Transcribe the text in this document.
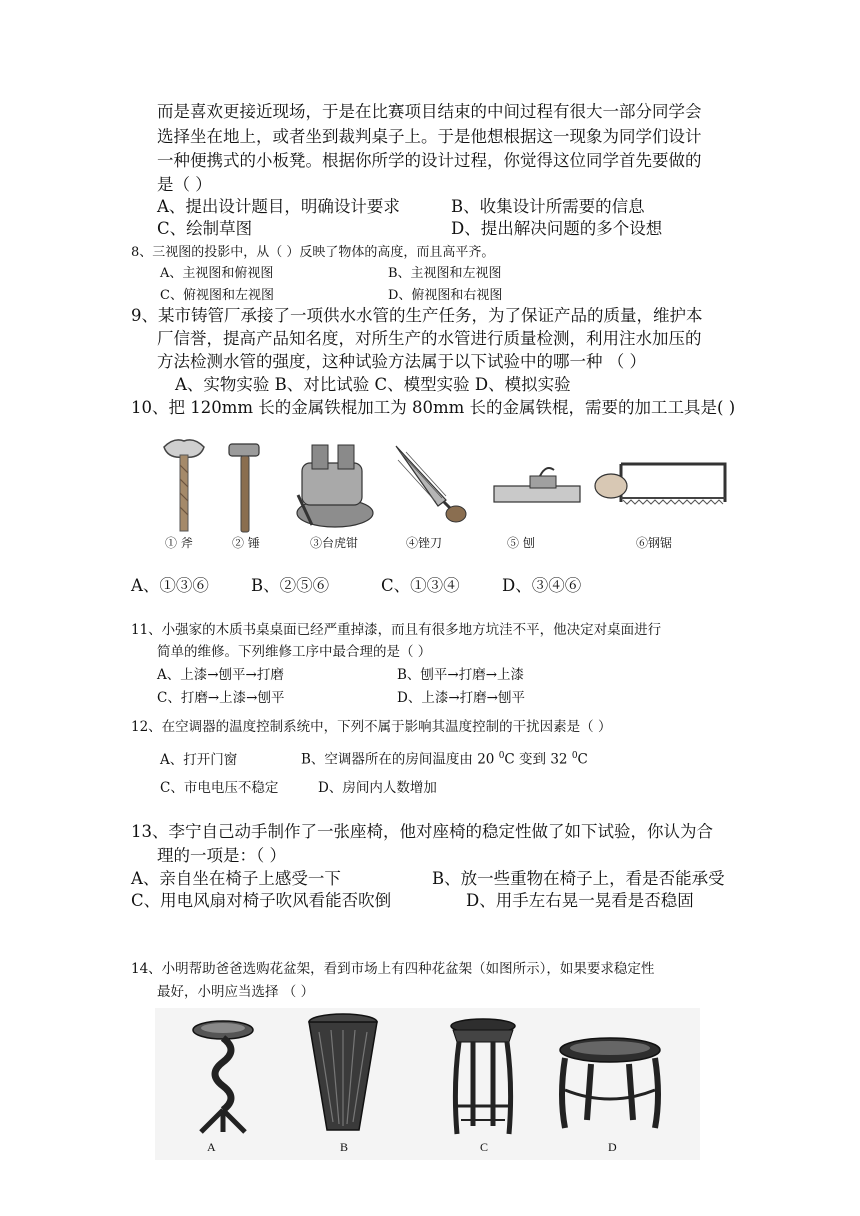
而是喜欢更接近现场，于是在比赛项目结束的中间过程有很大一部分同学会
选择坐在地上，或者坐到裁判桌子上。于是他想根据这一现象为同学们设计
一种便携式的小板凳。根据你所学的设计过程，你觉得这位同学首先要做的
是（ ）
A、提出设计题目，明确设计要求	B、收集设计所需要的信息
C、绘制草图	D、提出解决问题的多个设想
8、三视图的投影中，从（ ）反映了物体的高度，而且高平齐。
A、主视图和俯视图	B、主视图和左视图
C、俯视图和左视图	D、俯视图和右视图
9、某市铸管厂承接了一项供水水管的生产任务，为了保证产品的质量，维护本
厂信誉，提高产品知名度，对所生产的水管进行质量检测，利用注水加压的
方法检测水管的强度，这种试验方法属于以下试验中的哪一种 （ ）
A、实物实验 B、对比试验 C、模型实验 D、模拟实验
10、把 120mm 长的金属铁棍加工为 80mm 长的金属铁棍，需要的加工工具是( )
① 斧	② 锤	③台虎钳	④锉刀	⑤ 刨	⑥钢锯
A、①③⑥	B、②⑤⑥	C、①③④	D、③④⑥
11、小强家的木质书桌桌面已经严重掉漆，而且有很多地方坑洼不平，他决定对桌面进行
简单的维修。下列维修工序中最合理的是（ ）
A、上漆→刨平→打磨	B、刨平→打磨→上漆
C、打磨→上漆→刨平	D、上漆→打磨→刨平
12、在空调器的温度控制系统中，下列不属于影响其温度控制的干扰因素是（ ）
A、打开门窗	B、空调器所在的房间温度由 20 $^0$C 变到 32 $^0$C
C、市电电压不稳定	D、房间内人数增加
13、李宁自己动手制作了一张座椅，他对座椅的稳定性做了如下试验，你认为合
理的一项是：（ ）
A、亲自坐在椅子上感受一下	B、放一些重物在椅子上，看是否能承受
C、用电风扇对椅子吹风看能否吹倒	D、用手左右晃一晃看是否稳固
14、小明帮助爸爸选购花盆架，看到市场上有四种花盆架（如图所示），如果要求稳定性
最好，小明应当选择 （ ）
A	B	C	D
